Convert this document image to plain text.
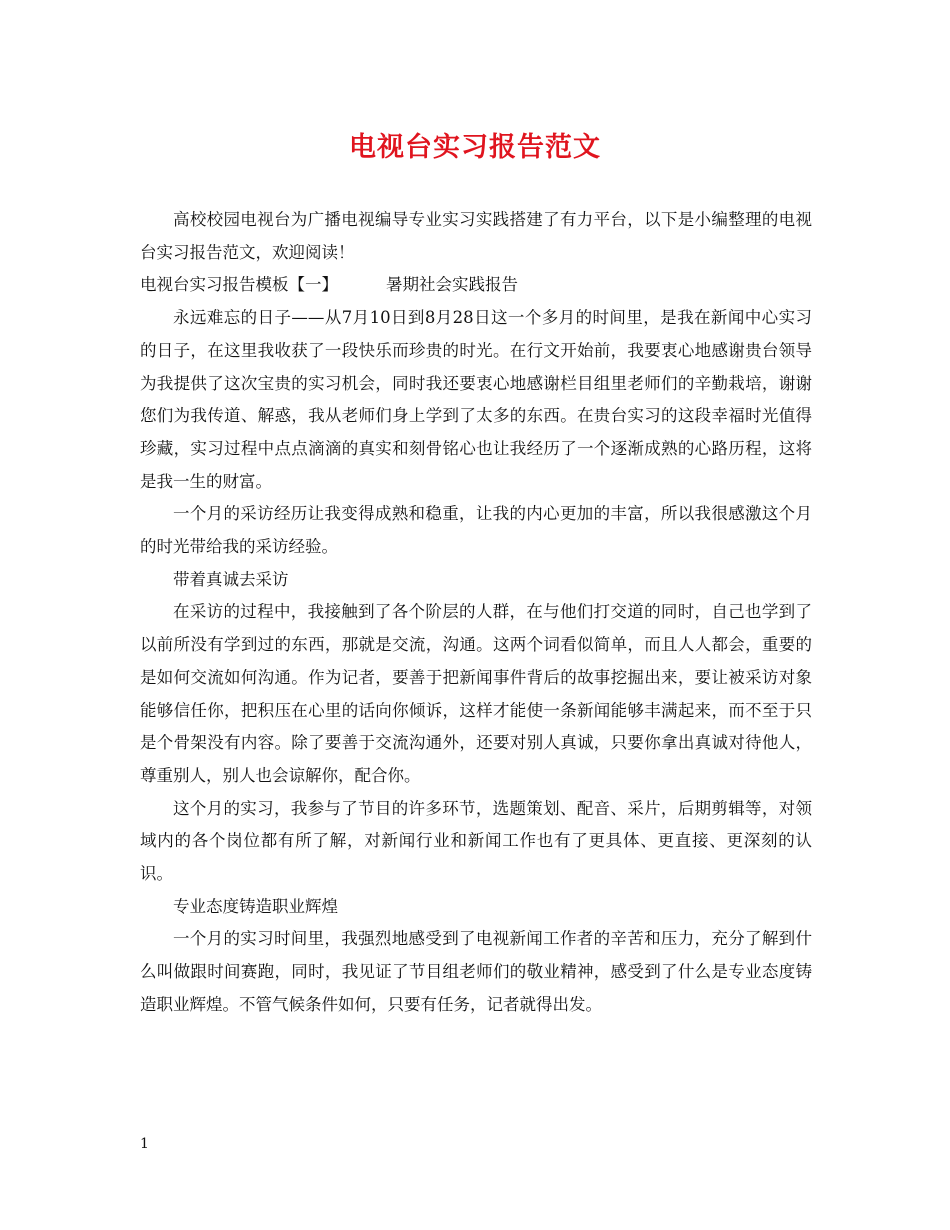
电视台实习报告范文

高校校园电视台为广播电视编导专业实习实践搭建了有力平台，以下是小编整理的电视台实习报告范文，欢迎阅读！

电视台实习报告模板【一】	暑期社会实践报告

永远难忘的日子——从7月10日到8月28日这一个多月的时间里，是我在新闻中心实习的日子，在这里我收获了一段快乐而珍贵的时光。在行文开始前，我要衷心地感谢贵台领导为我提供了这次宝贵的实习机会，同时我还要衷心地感谢栏目组里老师们的辛勤栽培，谢谢您们为我传道、解惑，我从老师们身上学到了太多的东西。在贵台实习的这段幸福时光值得珍藏，实习过程中点点滴滴的真实和刻骨铭心也让我经历了一个逐渐成熟的心路历程，这将是我一生的财富。

一个月的采访经历让我变得成熟和稳重，让我的内心更加的丰富，所以我很感激这个月的时光带给我的采访经验。

带着真诚去采访

在采访的过程中，我接触到了各个阶层的人群，在与他们打交道的同时，自己也学到了以前所没有学到过的东西，那就是交流，沟通。这两个词看似简单，而且人人都会，重要的是如何交流如何沟通。作为记者，要善于把新闻事件背后的故事挖掘出来，要让被采访对象能够信任你，把积压在心里的话向你倾诉，这样才能使一条新闻能够丰满起来，而不至于只是个骨架没有内容。除了要善于交流沟通外，还要对别人真诚，只要你拿出真诚对待他人，尊重别人，别人也会谅解你，配合你。

这个月的实习，我参与了节目的许多环节，选题策划、配音、采片，后期剪辑等，对领域内的各个岗位都有所了解，对新闻行业和新闻工作也有了更具体、更直接、更深刻的认识。

专业态度铸造职业辉煌

一个月的实习时间里，我强烈地感受到了电视新闻工作者的辛苦和压力，充分了解到什么叫做跟时间赛跑，同时，我见证了节目组老师们的敬业精神，感受到了什么是专业态度铸造职业辉煌。不管气候条件如何，只要有任务，记者就得出发。

1
